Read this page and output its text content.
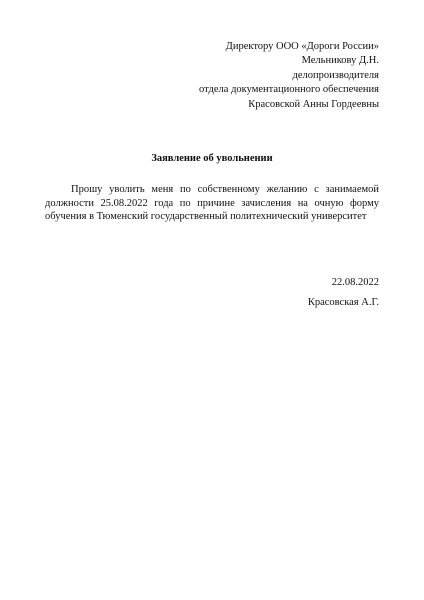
Директору ООО «Дороги России»
Мельникову Д.Н.
делопроизводителя
отдела документационного обеспечения
Красовской Анны Гордеевны
Заявление об увольнении

Прошу уволить меня по собственному желанию с занимаемой должности 25.08.2022 года по причине зачисления на очную форму обучения в Тюменский государственный политехнический университет

22.08.2022
Красовская А.Г.
